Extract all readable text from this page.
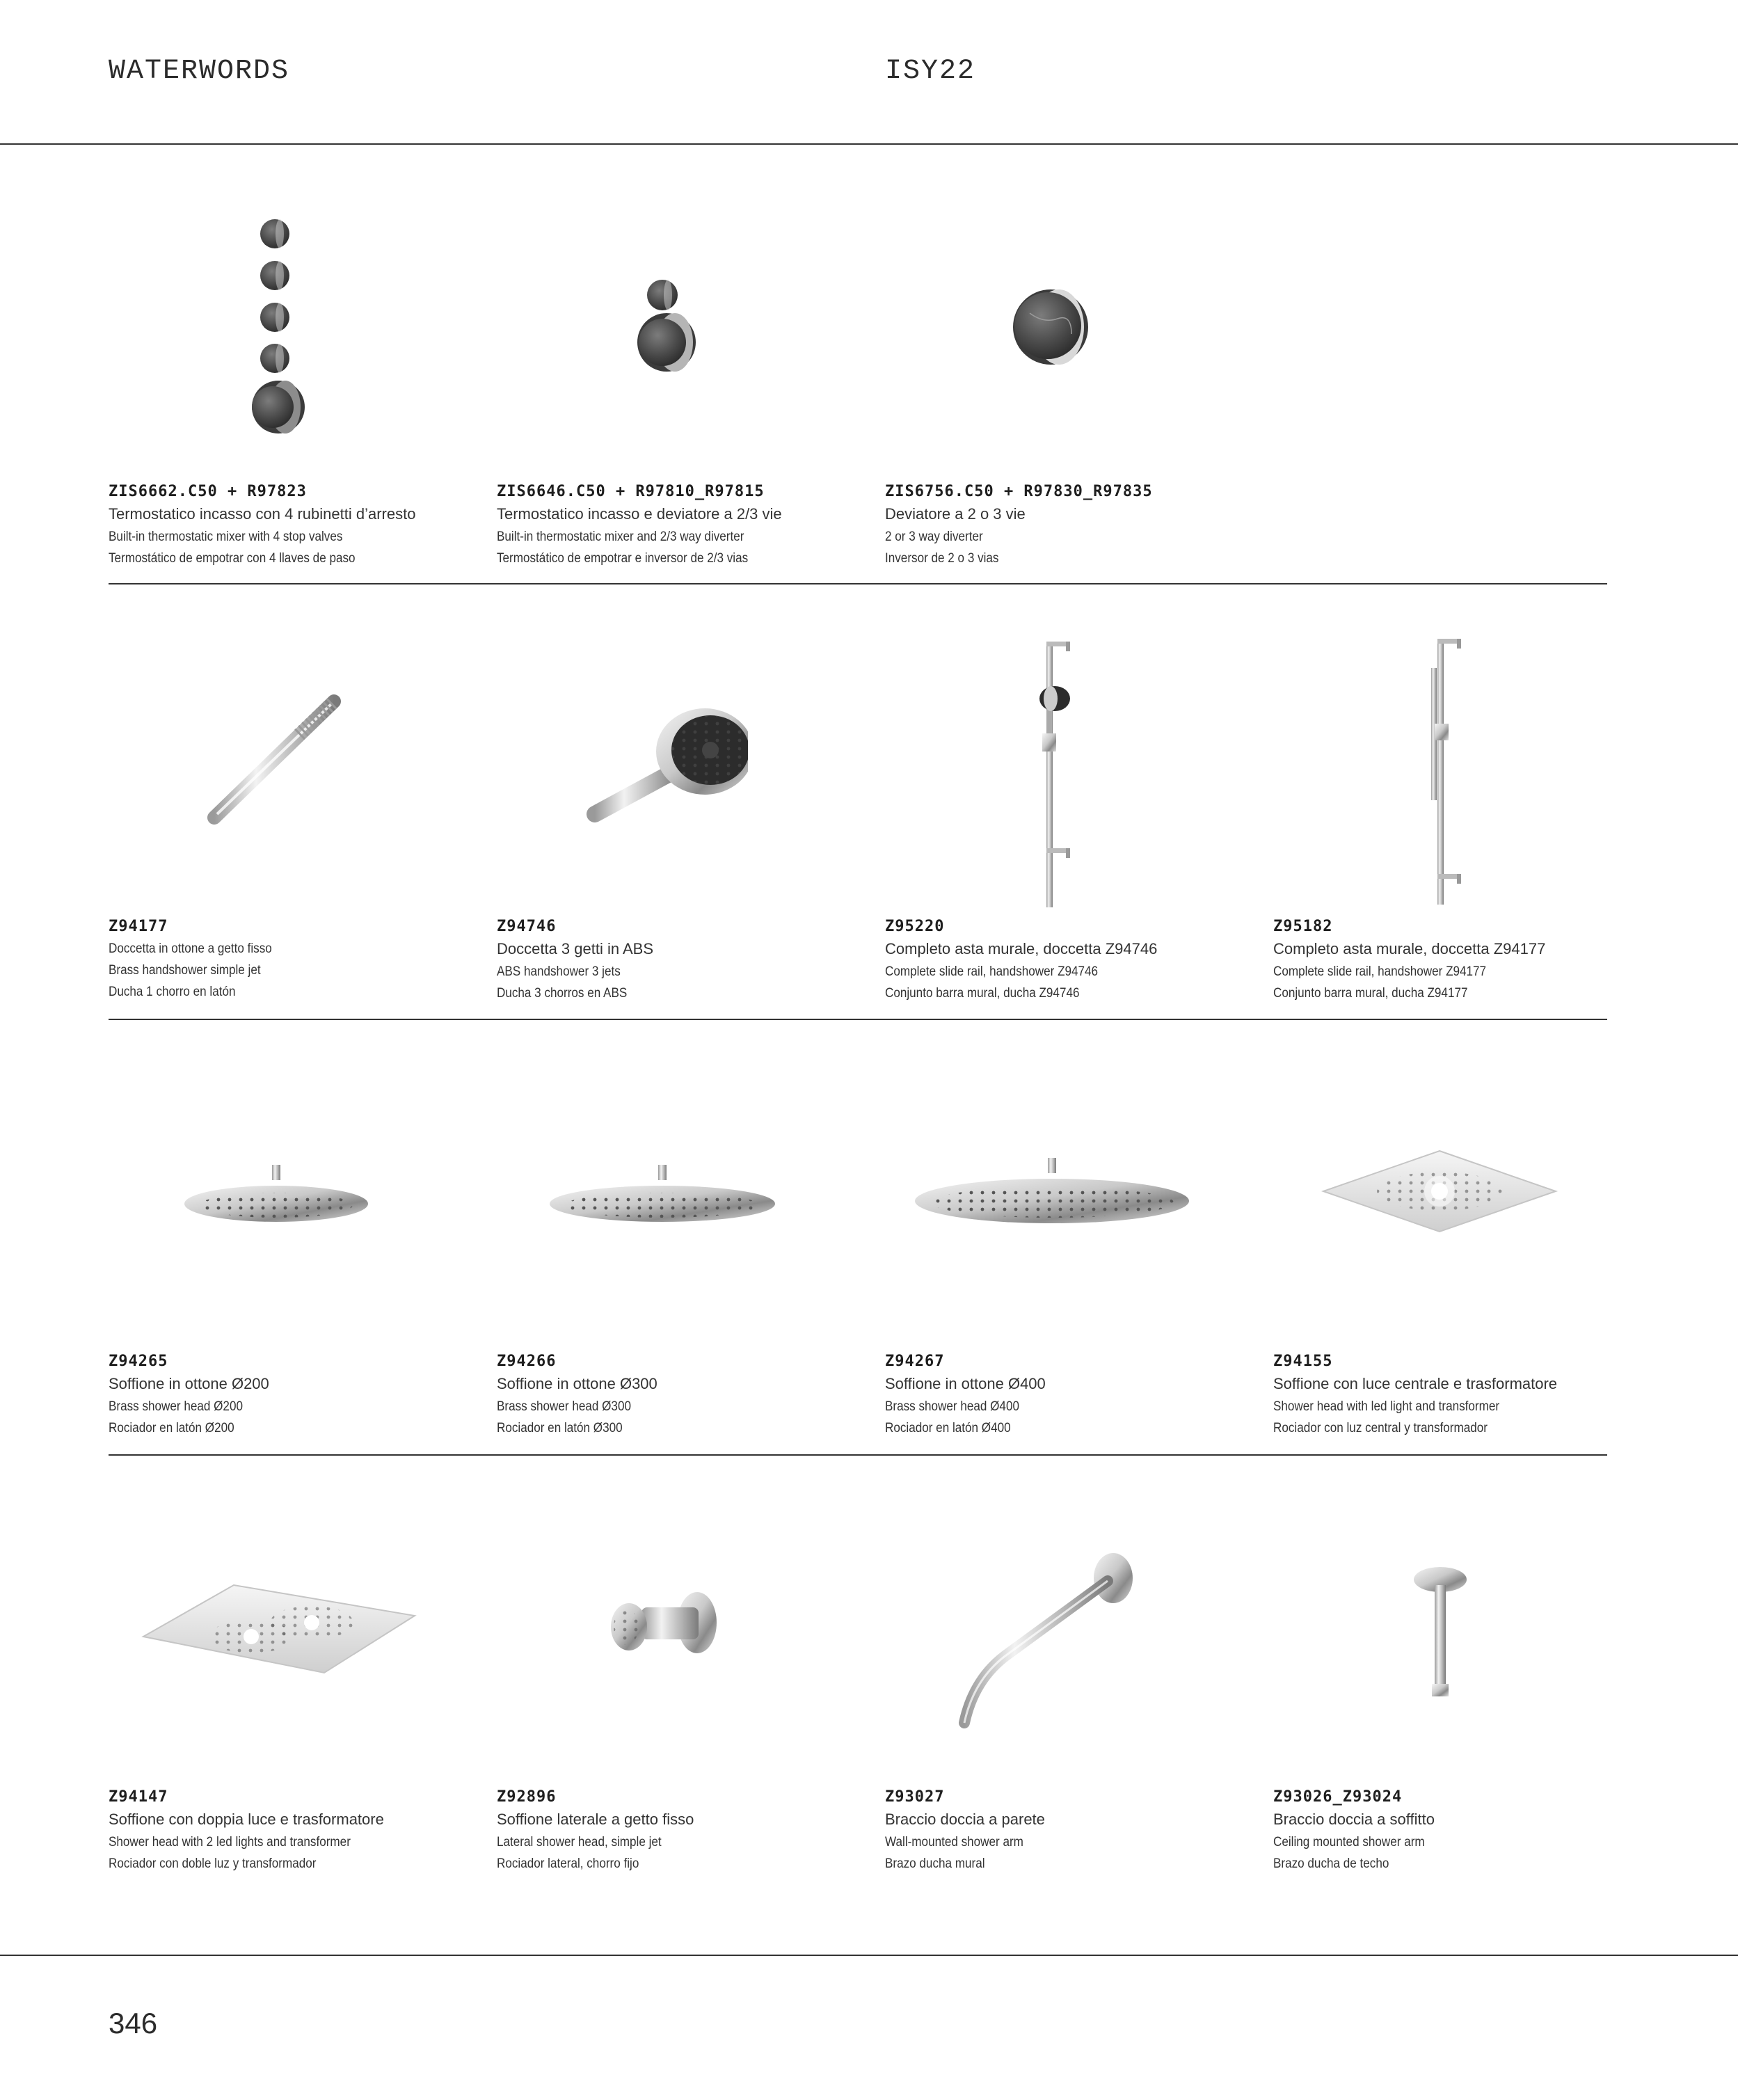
WATERWORDS	ISY22
ZIS6662.C50 + R97823
Termostatico incasso con 4 rubinetti d’arresto
Built-in thermostatic mixer with 4 stop valves
Termostático de empotrar con 4 llaves de paso
ZIS6646.C50 + R97810_R97815
Termostatico incasso e deviatore a 2/3 vie
Built-in thermostatic mixer and 2/3 way diverter
Termostático de empotrar e inversor de 2/3 vias
ZIS6756.C50 + R97830_R97835
Deviatore a 2 o 3 vie
2 or 3 way diverter
Inversor de 2 o 3 vias
Z94177
Doccetta in ottone a getto fisso
Brass handshower simple jet
Ducha 1 chorro en latón
Z94746
Doccetta 3 getti in ABS
ABS handshower 3 jets
Ducha 3 chorros en ABS
Z95220
Completo asta murale, doccetta Z94746
Complete slide rail, handshower Z94746
Conjunto barra mural, ducha Z94746
Z95182
Completo asta murale, doccetta Z94177
Complete slide rail, handshower Z94177
Conjunto barra mural, ducha Z94177
Z94265
Soffione in ottone Ø200
Brass shower head Ø200
Rociador en latón Ø200
Z94266
Soffione in ottone Ø300
Brass shower head Ø300
Rociador en latón Ø300
Z94267
Soffione in ottone Ø400
Brass shower head Ø400
Rociador en latón Ø400
Z94155
Soffione con luce centrale e trasformatore
Shower head with led light and transformer
Rociador con luz central y transformador
Z94147
Soffione con doppia luce e trasformatore
Shower head with 2 led lights and transformer
Rociador con doble luz y transformador
Z92896
Soffione laterale a getto fisso
Lateral shower head, simple jet
Rociador lateral, chorro fijo
Z93027
Braccio doccia a parete
Wall-mounted shower arm
Brazo ducha mural
Z93026_Z93024
Braccio doccia a soffitto
Ceiling mounted shower arm
Brazo ducha de techo
346
